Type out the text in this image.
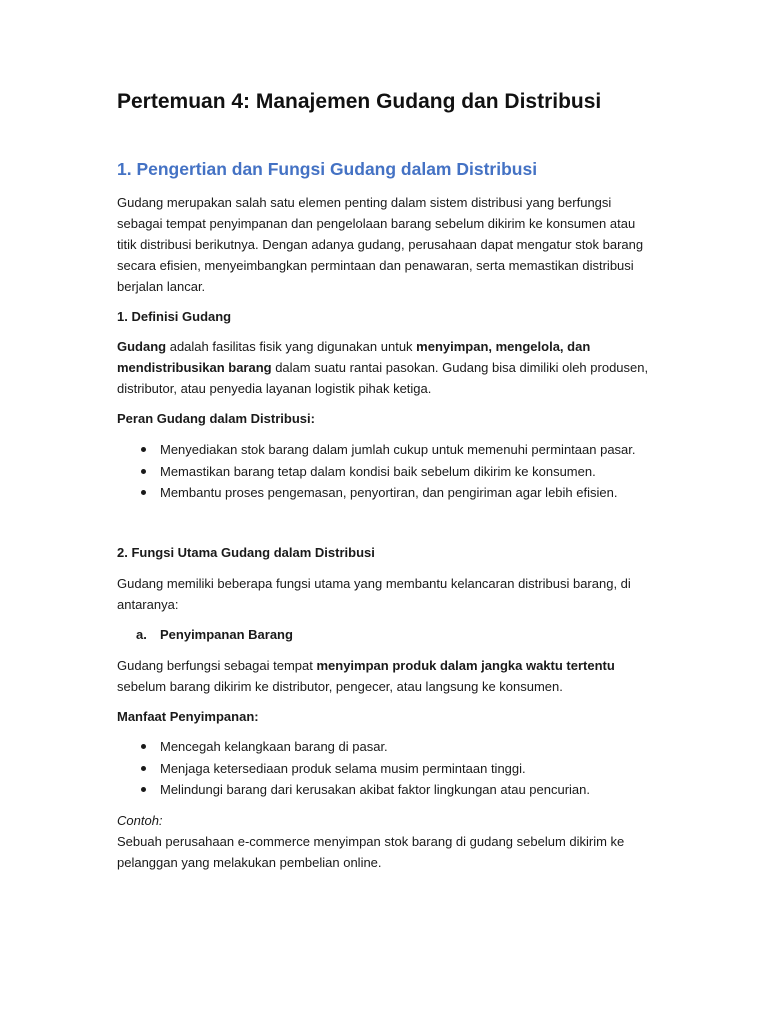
Pertemuan 4: Manajemen Gudang dan Distribusi
1. Pengertian dan Fungsi Gudang dalam Distribusi

Gudang merupakan salah satu elemen penting dalam sistem distribusi yang berfungsi sebagai tempat penyimpanan dan pengelolaan barang sebelum dikirim ke konsumen atau titik distribusi berikutnya. Dengan adanya gudang, perusahaan dapat mengatur stok barang secara efisien, menyeimbangkan permintaan dan penawaran, serta memastikan distribusi berjalan lancar.

1. Definisi Gudang

Gudang adalah fasilitas fisik yang digunakan untuk menyimpan, mengelola, dan mendistribusikan barang dalam suatu rantai pasokan. Gudang bisa dimiliki oleh produsen, distributor, atau penyedia layanan logistik pihak ketiga.

Peran Gudang dalam Distribusi:

Menyediakan stok barang dalam jumlah cukup untuk memenuhi permintaan pasar.
Memastikan barang tetap dalam kondisi baik sebelum dikirim ke konsumen.
Membantu proses pengemasan, penyortiran, dan pengiriman agar lebih efisien.

2. Fungsi Utama Gudang dalam Distribusi

Gudang memiliki beberapa fungsi utama yang membantu kelancaran distribusi barang, di antaranya:

a. Penyimpanan Barang

Gudang berfungsi sebagai tempat menyimpan produk dalam jangka waktu tertentu sebelum barang dikirim ke distributor, pengecer, atau langsung ke konsumen.

Manfaat Penyimpanan:

Mencegah kelangkaan barang di pasar.
Menjaga ketersediaan produk selama musim permintaan tinggi.
Melindungi barang dari kerusakan akibat faktor lingkungan atau pencurian.

Contoh:

Sebuah perusahaan e-commerce menyimpan stok barang di gudang sebelum dikirim ke pelanggan yang melakukan pembelian online.
